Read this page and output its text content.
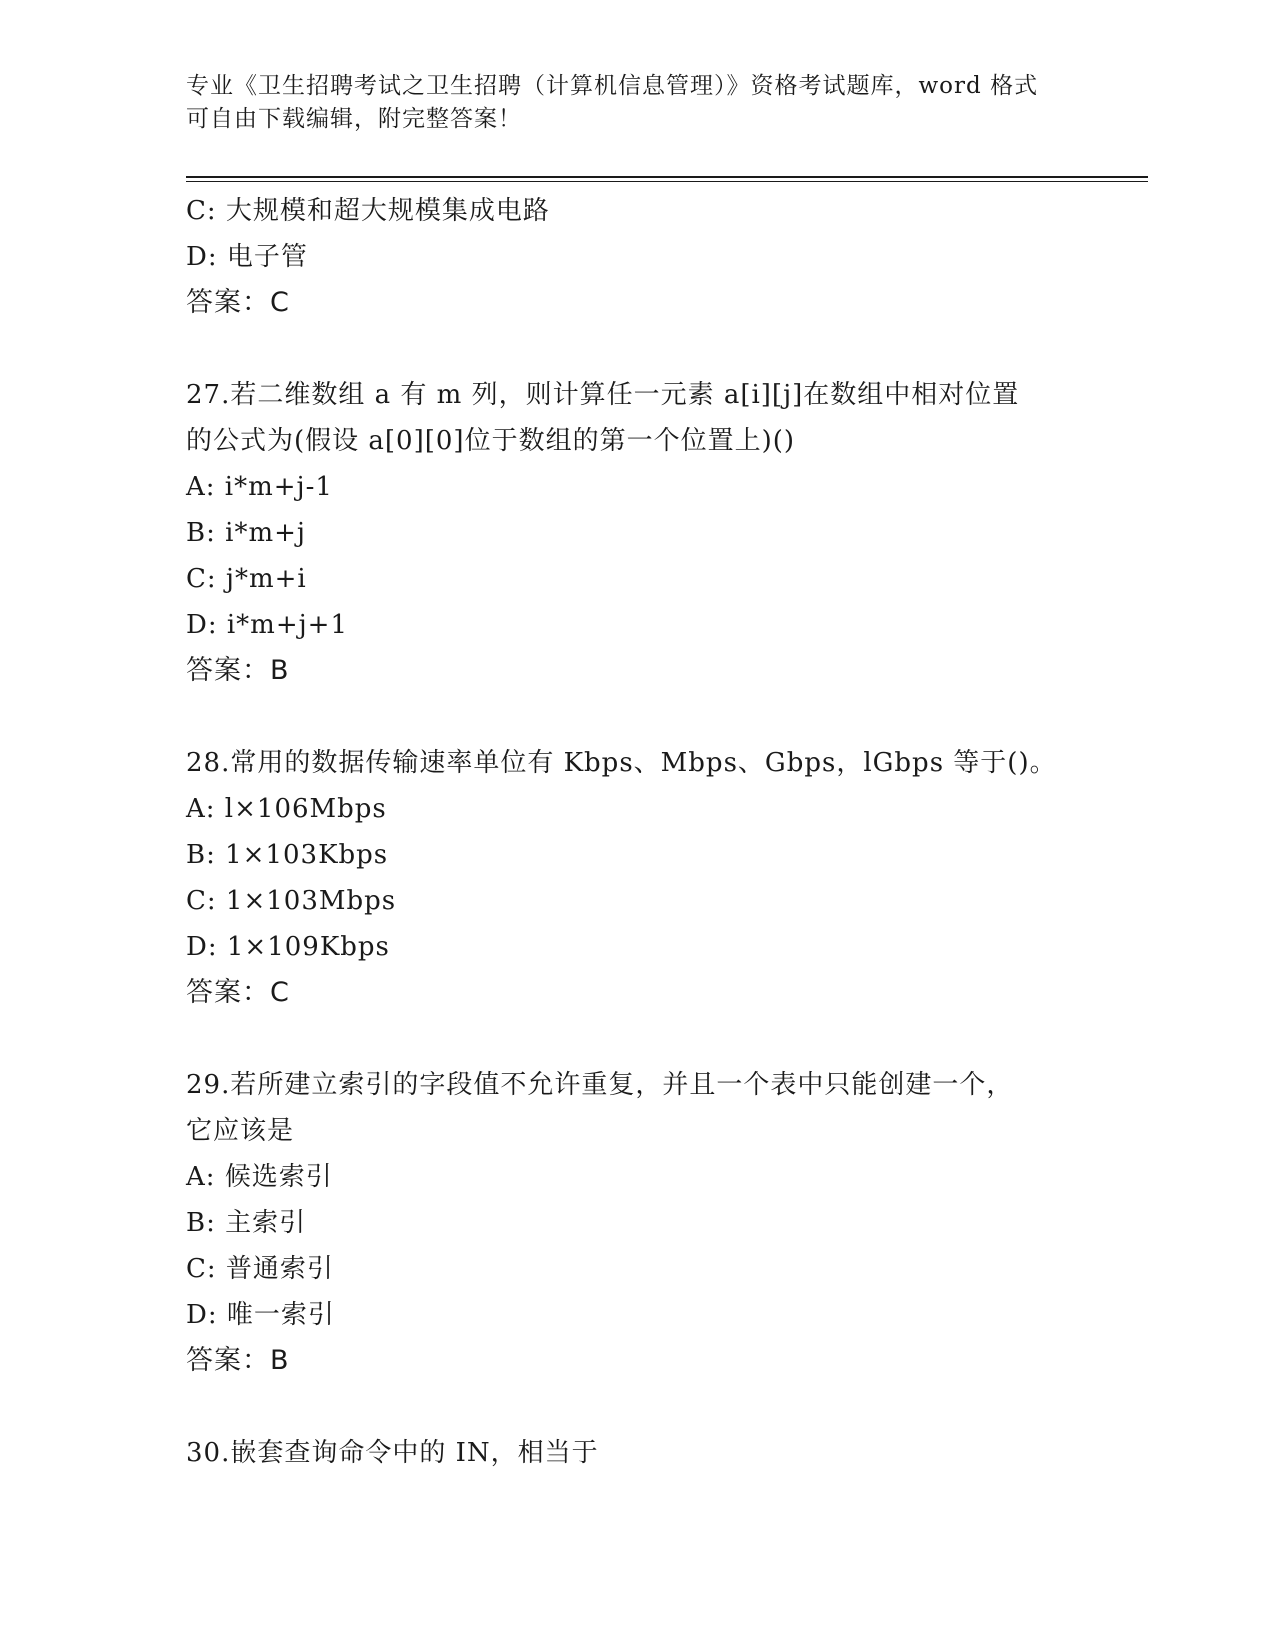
专业《卫生招聘考试之卫生招聘（计算机信息管理）》资格考试题库，word 格式
可自由下载编辑，附完整答案！
C: 大规模和超大规模集成电路
D: 电子管
答案：C
27.若二维数组 a 有 m 列，则计算任一元素 a[i][j]在数组中相对位置
的公式为(假设 a[0][0]位于数组的第一个位置上)()
A: i*m+j-1
B: i*m+j
C: j*m+i
D: i*m+j+1
答案：B
28.常用的数据传输速率单位有 Kbps、Mbps、Gbps，lGbps 等于()。
A: l×106Mbps
B: 1×103Kbps
C: 1×103Mbps
D: 1×109Kbps
答案：C
29.若所建立索引的字段值不允许重复，并且一个表中只能创建一个，
它应该是
A: 候选索引
B: 主索引
C: 普通索引
D: 唯一索引
答案：B
30.嵌套查询命令中的 IN，相当于
